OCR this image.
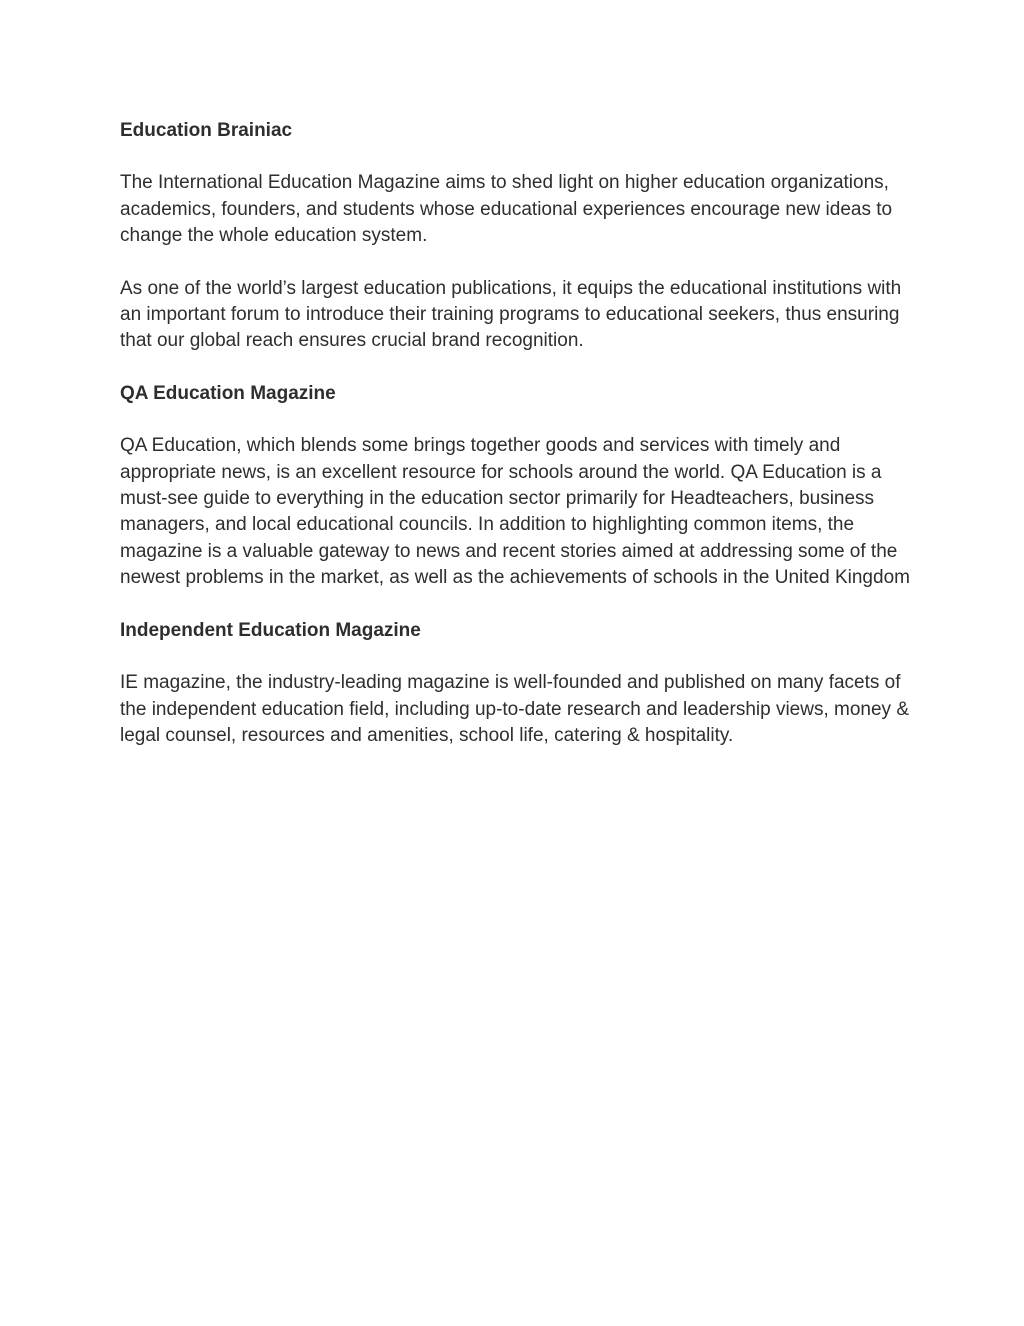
Education Brainiac

The International Education Magazine aims to shed light on higher education organizations, academics, founders, and students whose educational experiences encourage new ideas to change the whole education system.

As one of the world’s largest education publications, it equips the educational institutions with an important forum to introduce their training programs to educational seekers, thus ensuring that our global reach ensures crucial brand recognition.

QA Education Magazine

QA Education, which blends some brings together goods and services with timely and appropriate news, is an excellent resource for schools around the world. QA Education is a must-see guide to everything in the education sector primarily for Headteachers, business managers, and local educational councils. In addition to highlighting common items, the magazine is a valuable gateway to news and recent stories aimed at addressing some of the newest problems in the market, as well as the achievements of schools in the United Kingdom

Independent Education Magazine

IE magazine, the industry-leading magazine is well-founded and published on many facets of the independent education field, including up-to-date research and leadership views, money & legal counsel, resources and amenities, school life, catering & hospitality.
